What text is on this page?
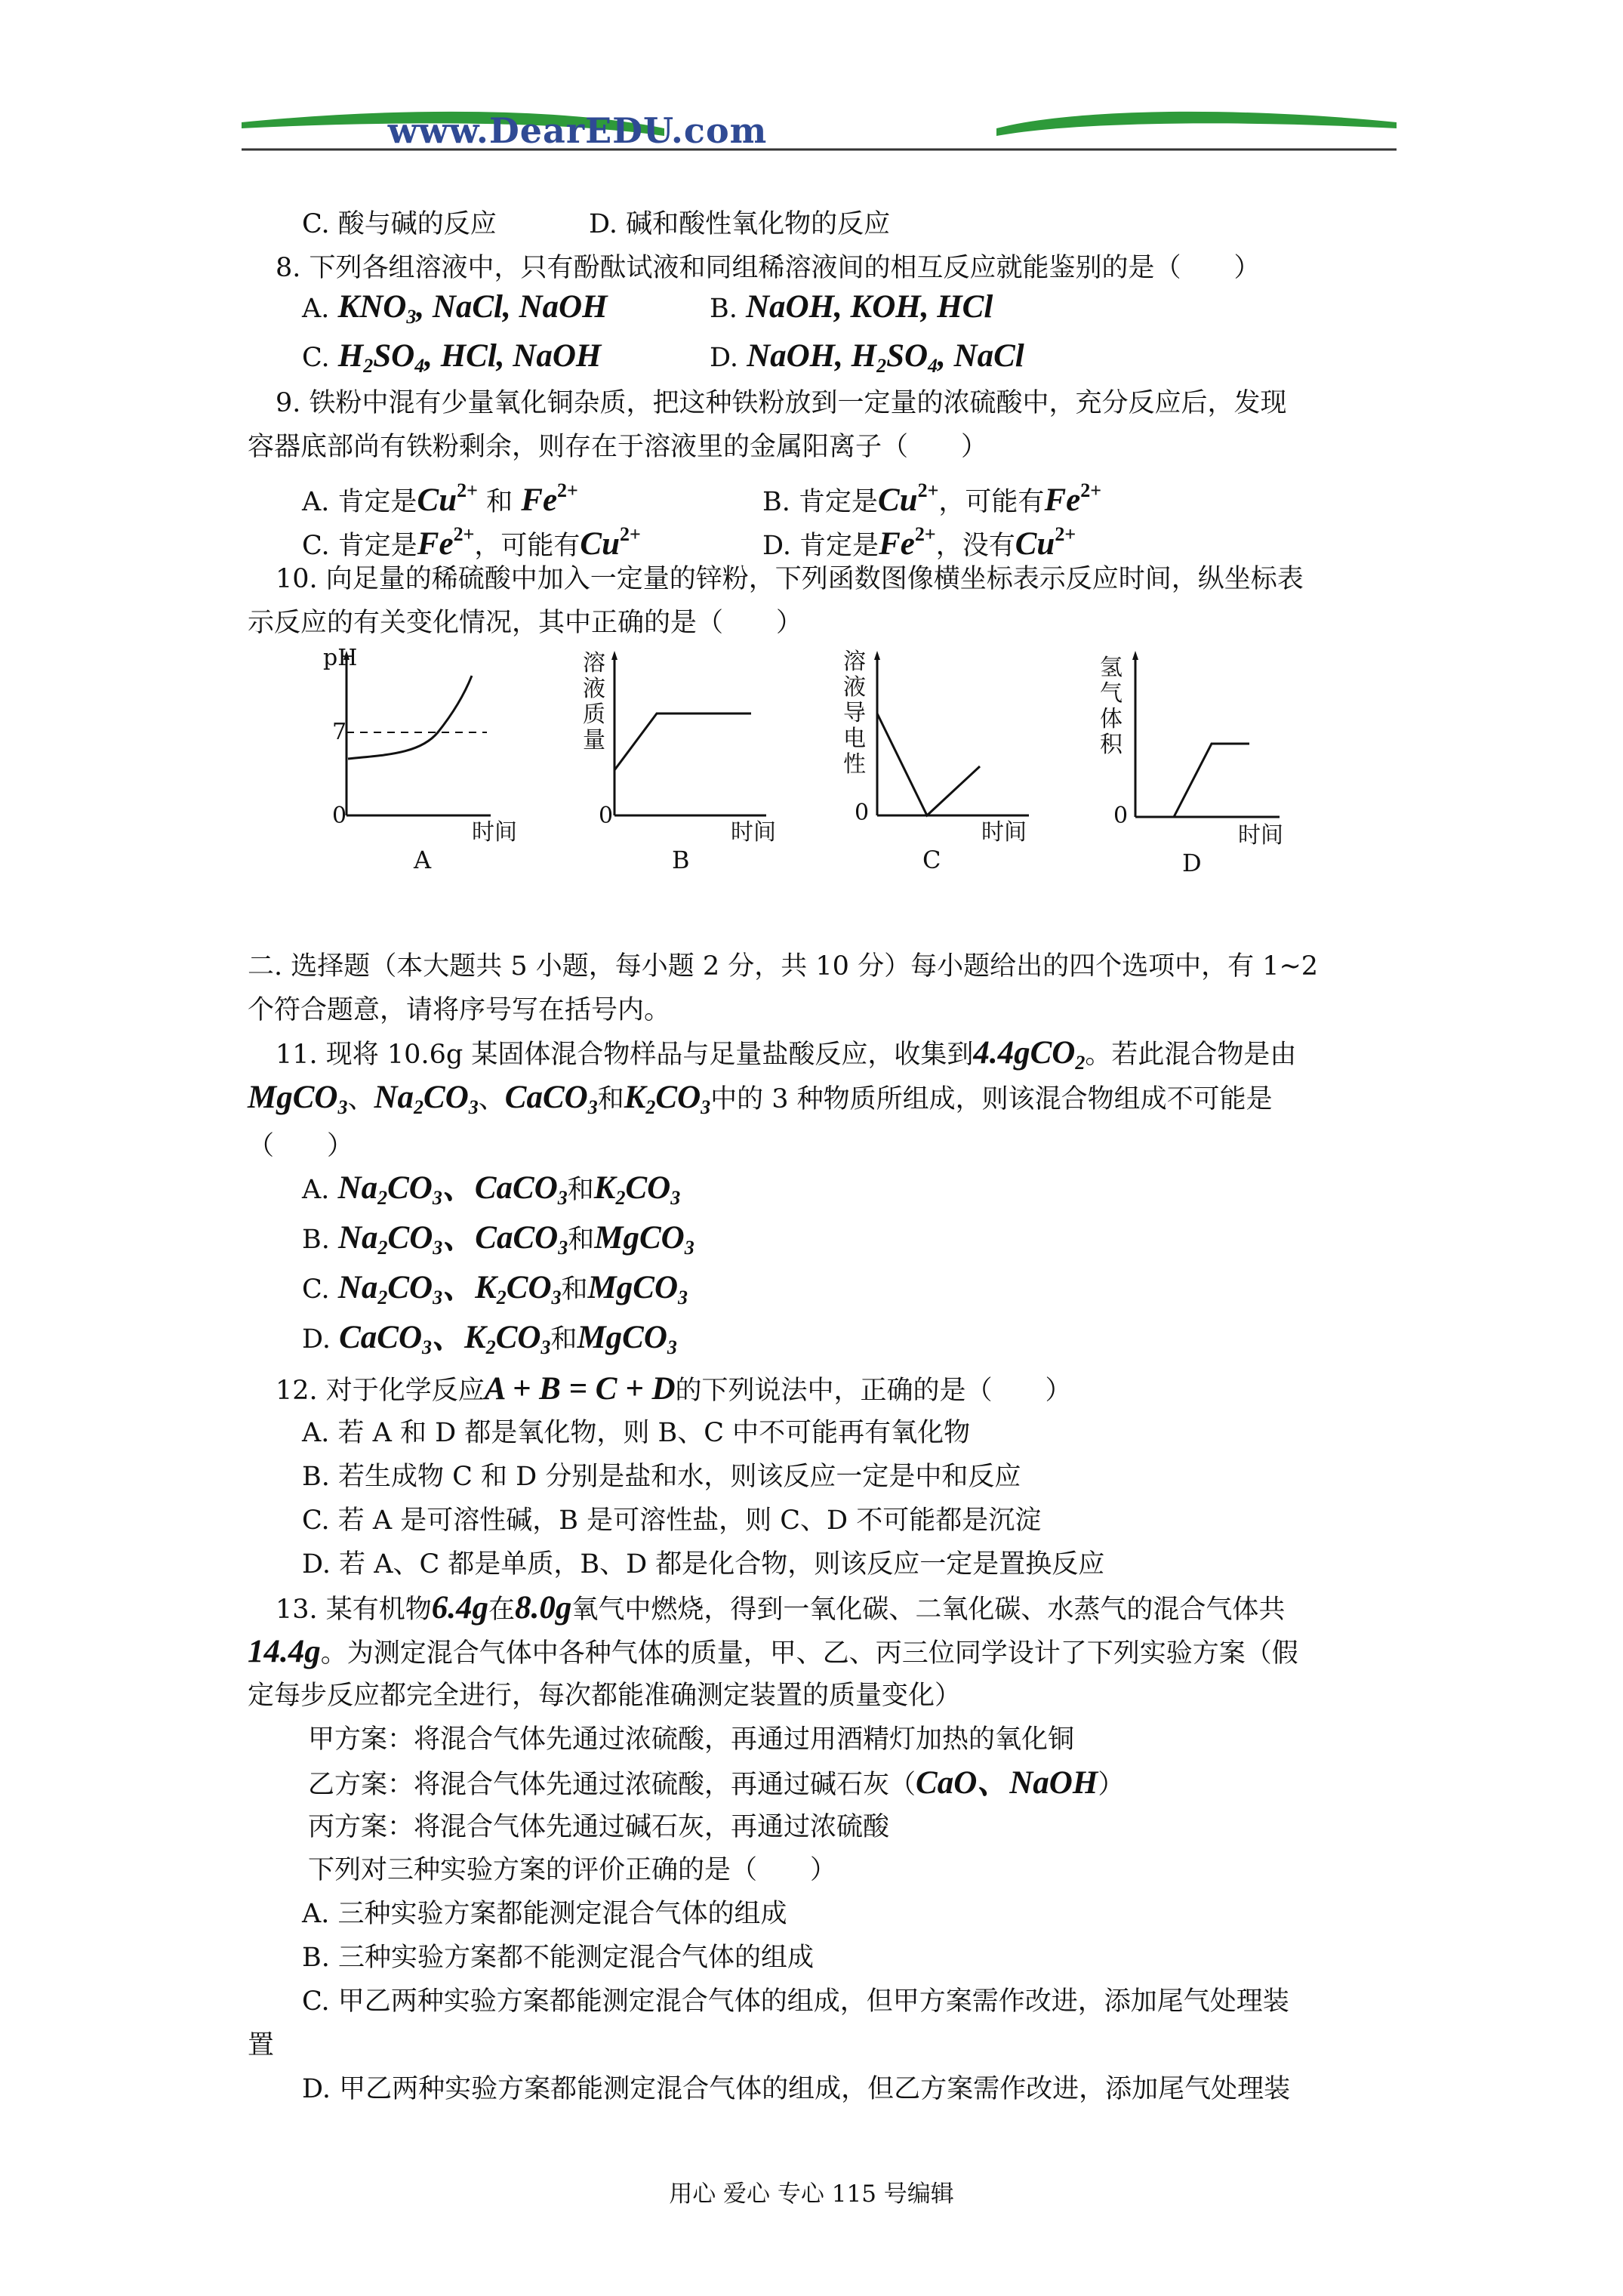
www.DearEDU.com
C. 酸与碱的反应	D. 碱和酸性氧化物的反应
8. 下列各组溶液中，只有酚酞试液和同组稀溶液间的相互反应就能鉴别的是（　　）
A. $KNO_3$, NaCl, NaOH	B. NaOH, KOH, HCl
C. $H_2SO_4$, HCl, NaOH	D. NaOH, $H_2SO_4$, NaCl
9. 铁粉中混有少量氧化铜杂质，把这种铁粉放到一定量的浓硫酸中，充分反应后，发现
容器底部尚有铁粉剩余，则存在于溶液里的金属阳离子（　　）
A. 肯定是$Cu^{2+}$ 和 $Fe^{2+}$	B. 肯定是$Cu^{2+}$，可能有$Fe^{2+}$
C. 肯定是$Fe^{2+}$，可能有$Cu^{2+}$	D. 肯定是$Fe^{2+}$，没有$Cu^{2+}$
10. 向足量的稀硫酸中加入一定量的锌粉，下列函数图像横坐标表示反应时间，纵坐标表
示反应的有关变化情况，其中正确的是（　　）
pH
7
0
时间
A
溶液质量
0
时间
B
溶液导电性
0
时间
C
氢气体积
0
时间
D
二. 选择题（本大题共 5 小题，每小题 2 分，共 10 分）每小题给出的四个选项中，有 1~2
个符合题意，请将序号写在括号内。
11. 现将 10.6g 某固体混合物样品与足量盐酸反应，收集到4.4gCO$_2$。若此混合物是由
MgCO$_3$、$Na_2CO_3$、CaCO$_3$和$K_2CO_3$中的 3 种物质所组成，则该混合物组成不可能是
（　　）
A. $Na_2CO_3$、CaCO$_3$和$K_2CO_3$
B. $Na_2CO_3$、CaCO$_3$和MgCO$_3$
C. $Na_2CO_3$、$K_2CO_3$和MgCO$_3$
D. CaCO$_3$、$K_2CO_3$和MgCO$_3$
12. 对于化学反应A + B = C + D的下列说法中，正确的是（　　）
A. 若 A 和 D 都是氧化物，则 B、C 中不可能再有氧化物
B. 若生成物 C 和 D 分别是盐和水，则该反应一定是中和反应
C. 若 A 是可溶性碱，B 是可溶性盐，则 C、D 不可能都是沉淀
D. 若 A、C 都是单质，B、D 都是化合物，则该反应一定是置换反应
13. 某有机物6.4g在8.0g氧气中燃烧，得到一氧化碳、二氧化碳、水蒸气的混合气体共
14.4g。为测定混合气体中各种气体的质量，甲、乙、丙三位同学设计了下列实验方案（假
定每步反应都完全进行，每次都能准确测定装置的质量变化）
甲方案：将混合气体先通过浓硫酸，再通过用酒精灯加热的氧化铜
乙方案：将混合气体先通过浓硫酸，再通过碱石灰（CaO、NaOH）
丙方案：将混合气体先通过碱石灰，再通过浓硫酸
下列对三种实验方案的评价正确的是（　　）
A. 三种实验方案都能测定混合气体的组成
B. 三种实验方案都不能测定混合气体的组成
C. 甲乙两种实验方案都能测定混合气体的组成，但甲方案需作改进，添加尾气处理装
置
D. 甲乙两种实验方案都能测定混合气体的组成，但乙方案需作改进，添加尾气处理装
用心 爱心 专心 115 号编辑
